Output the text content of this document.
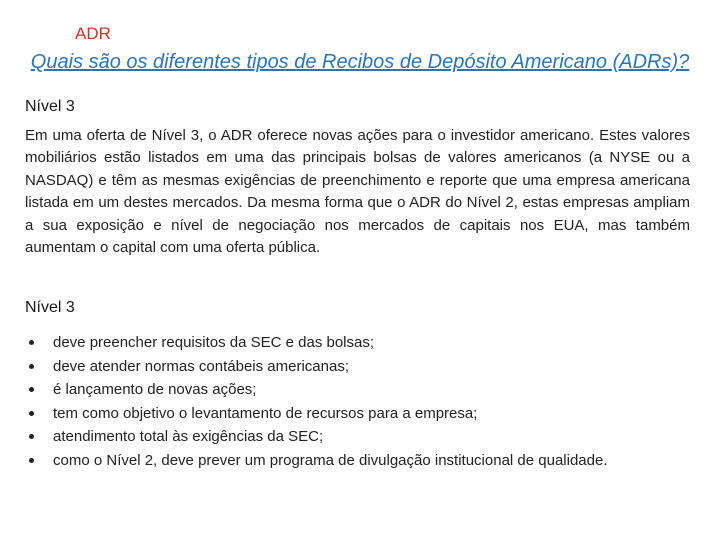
ADR
Quais são os diferentes tipos de Recibos de Depósito Americano (ADRs)?
Nível 3
Em uma oferta de Nível 3, o ADR oferece novas ações para o investidor americano. Estes valores mobiliários estão listados em uma das principais bolsas de valores americanos (a NYSE ou a NASDAQ) e têm as mesmas exigências de preenchimento e reporte que uma empresa americana listada em um destes mercados. Da mesma forma que o ADR do Nível 2, estas empresas ampliam a sua exposição e nível de negociação nos mercados de capitais nos EUA, mas também aumentam o capital com uma oferta pública.
Nível 3
deve preencher requisitos da SEC e das bolsas;
deve atender normas contábeis americanas;
é lançamento de novas ações;
tem como objetivo o levantamento de recursos para a empresa;
atendimento total às exigências da SEC;
como o Nível 2, deve prever um programa de divulgação institucional de qualidade.
